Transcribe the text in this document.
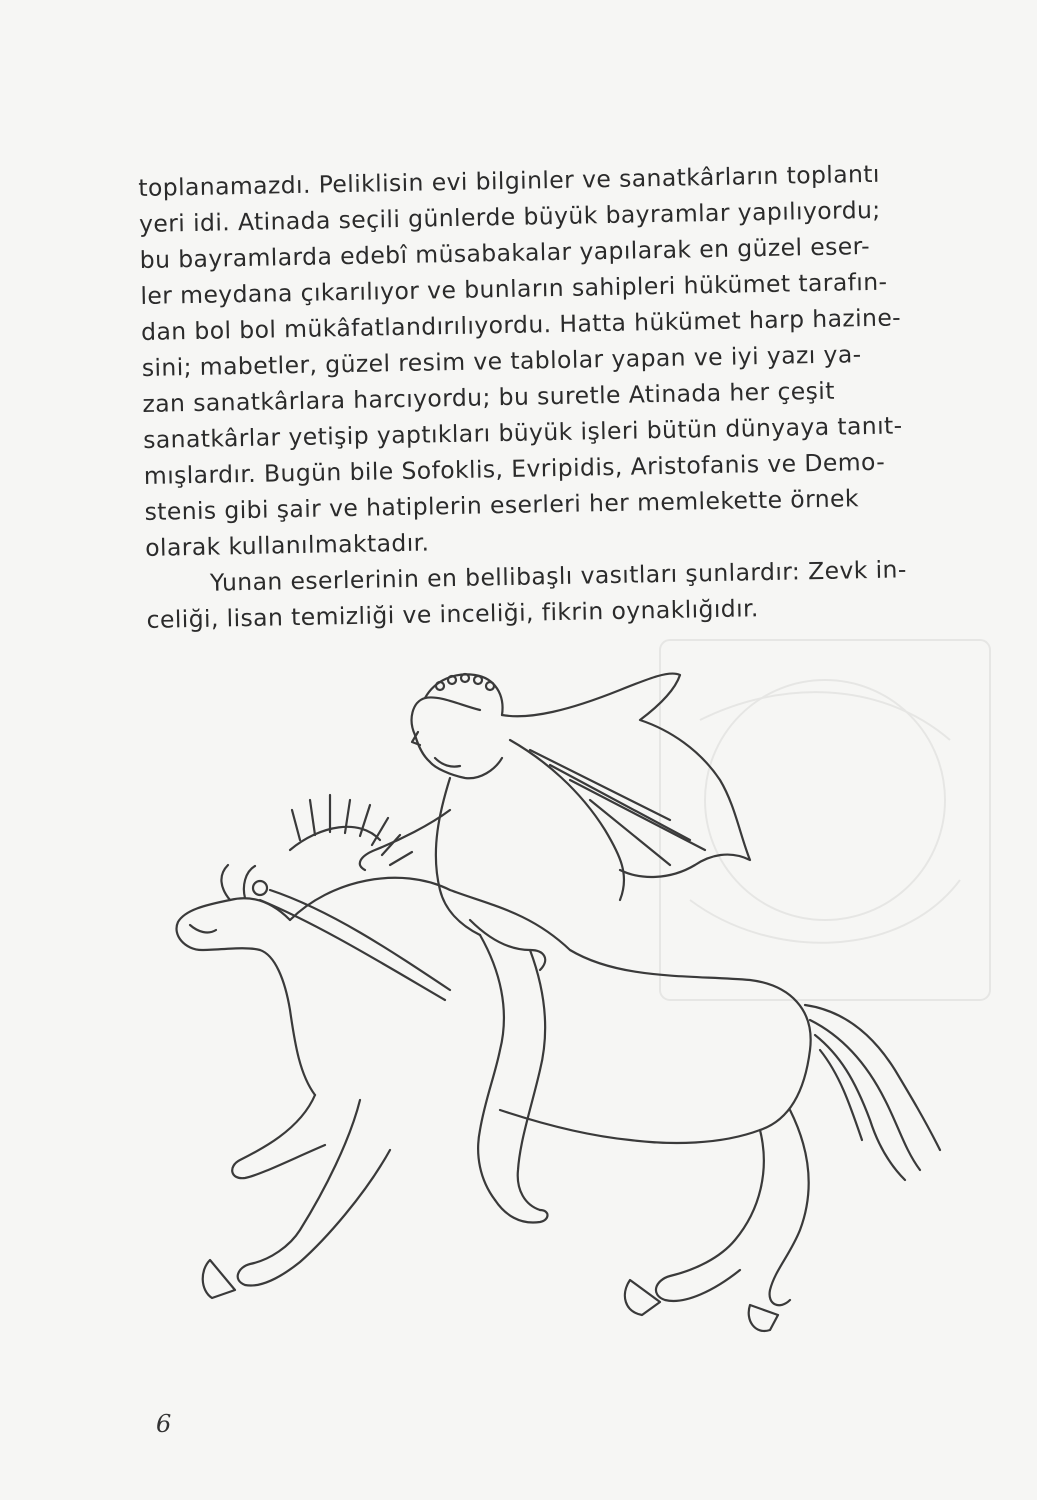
toplanamazdı. Peliklisin evi bilginler ve sanatkârların toplantı
yeri idi. Atinada seçili günlerde büyük bayramlar yapılıyordu;
bu bayramlarda edebî müsabakalar yapılarak en güzel eser-
ler meydana çıkarılıyor ve bunların sahipleri hükümet tarafın-
dan bol bol mükâfatlandırılıyordu. Hatta hükümet harp hazine-
sini; mabetler, güzel resim ve tablolar yapan ve iyi yazı ya-
zan sanatkârlara harcıyordu; bu suretle Atinada her çeşit
sanatkârlar yetişip yaptıkları büyük işleri bütün dünyaya tanıt-
mışlardır. Bugün bile Sofoklis, Evripidis, Aristofanis ve Demo-
stenis gibi şair ve hatiplerin eserleri her memlekette örnek
olarak kullanılmaktadır.

Yunan eserlerinin en bellibaşlı vasıtları şunlardır: Zevk in-
celiği, lisan temizliği ve inceliği, fikrin oynaklığıdır.

6
